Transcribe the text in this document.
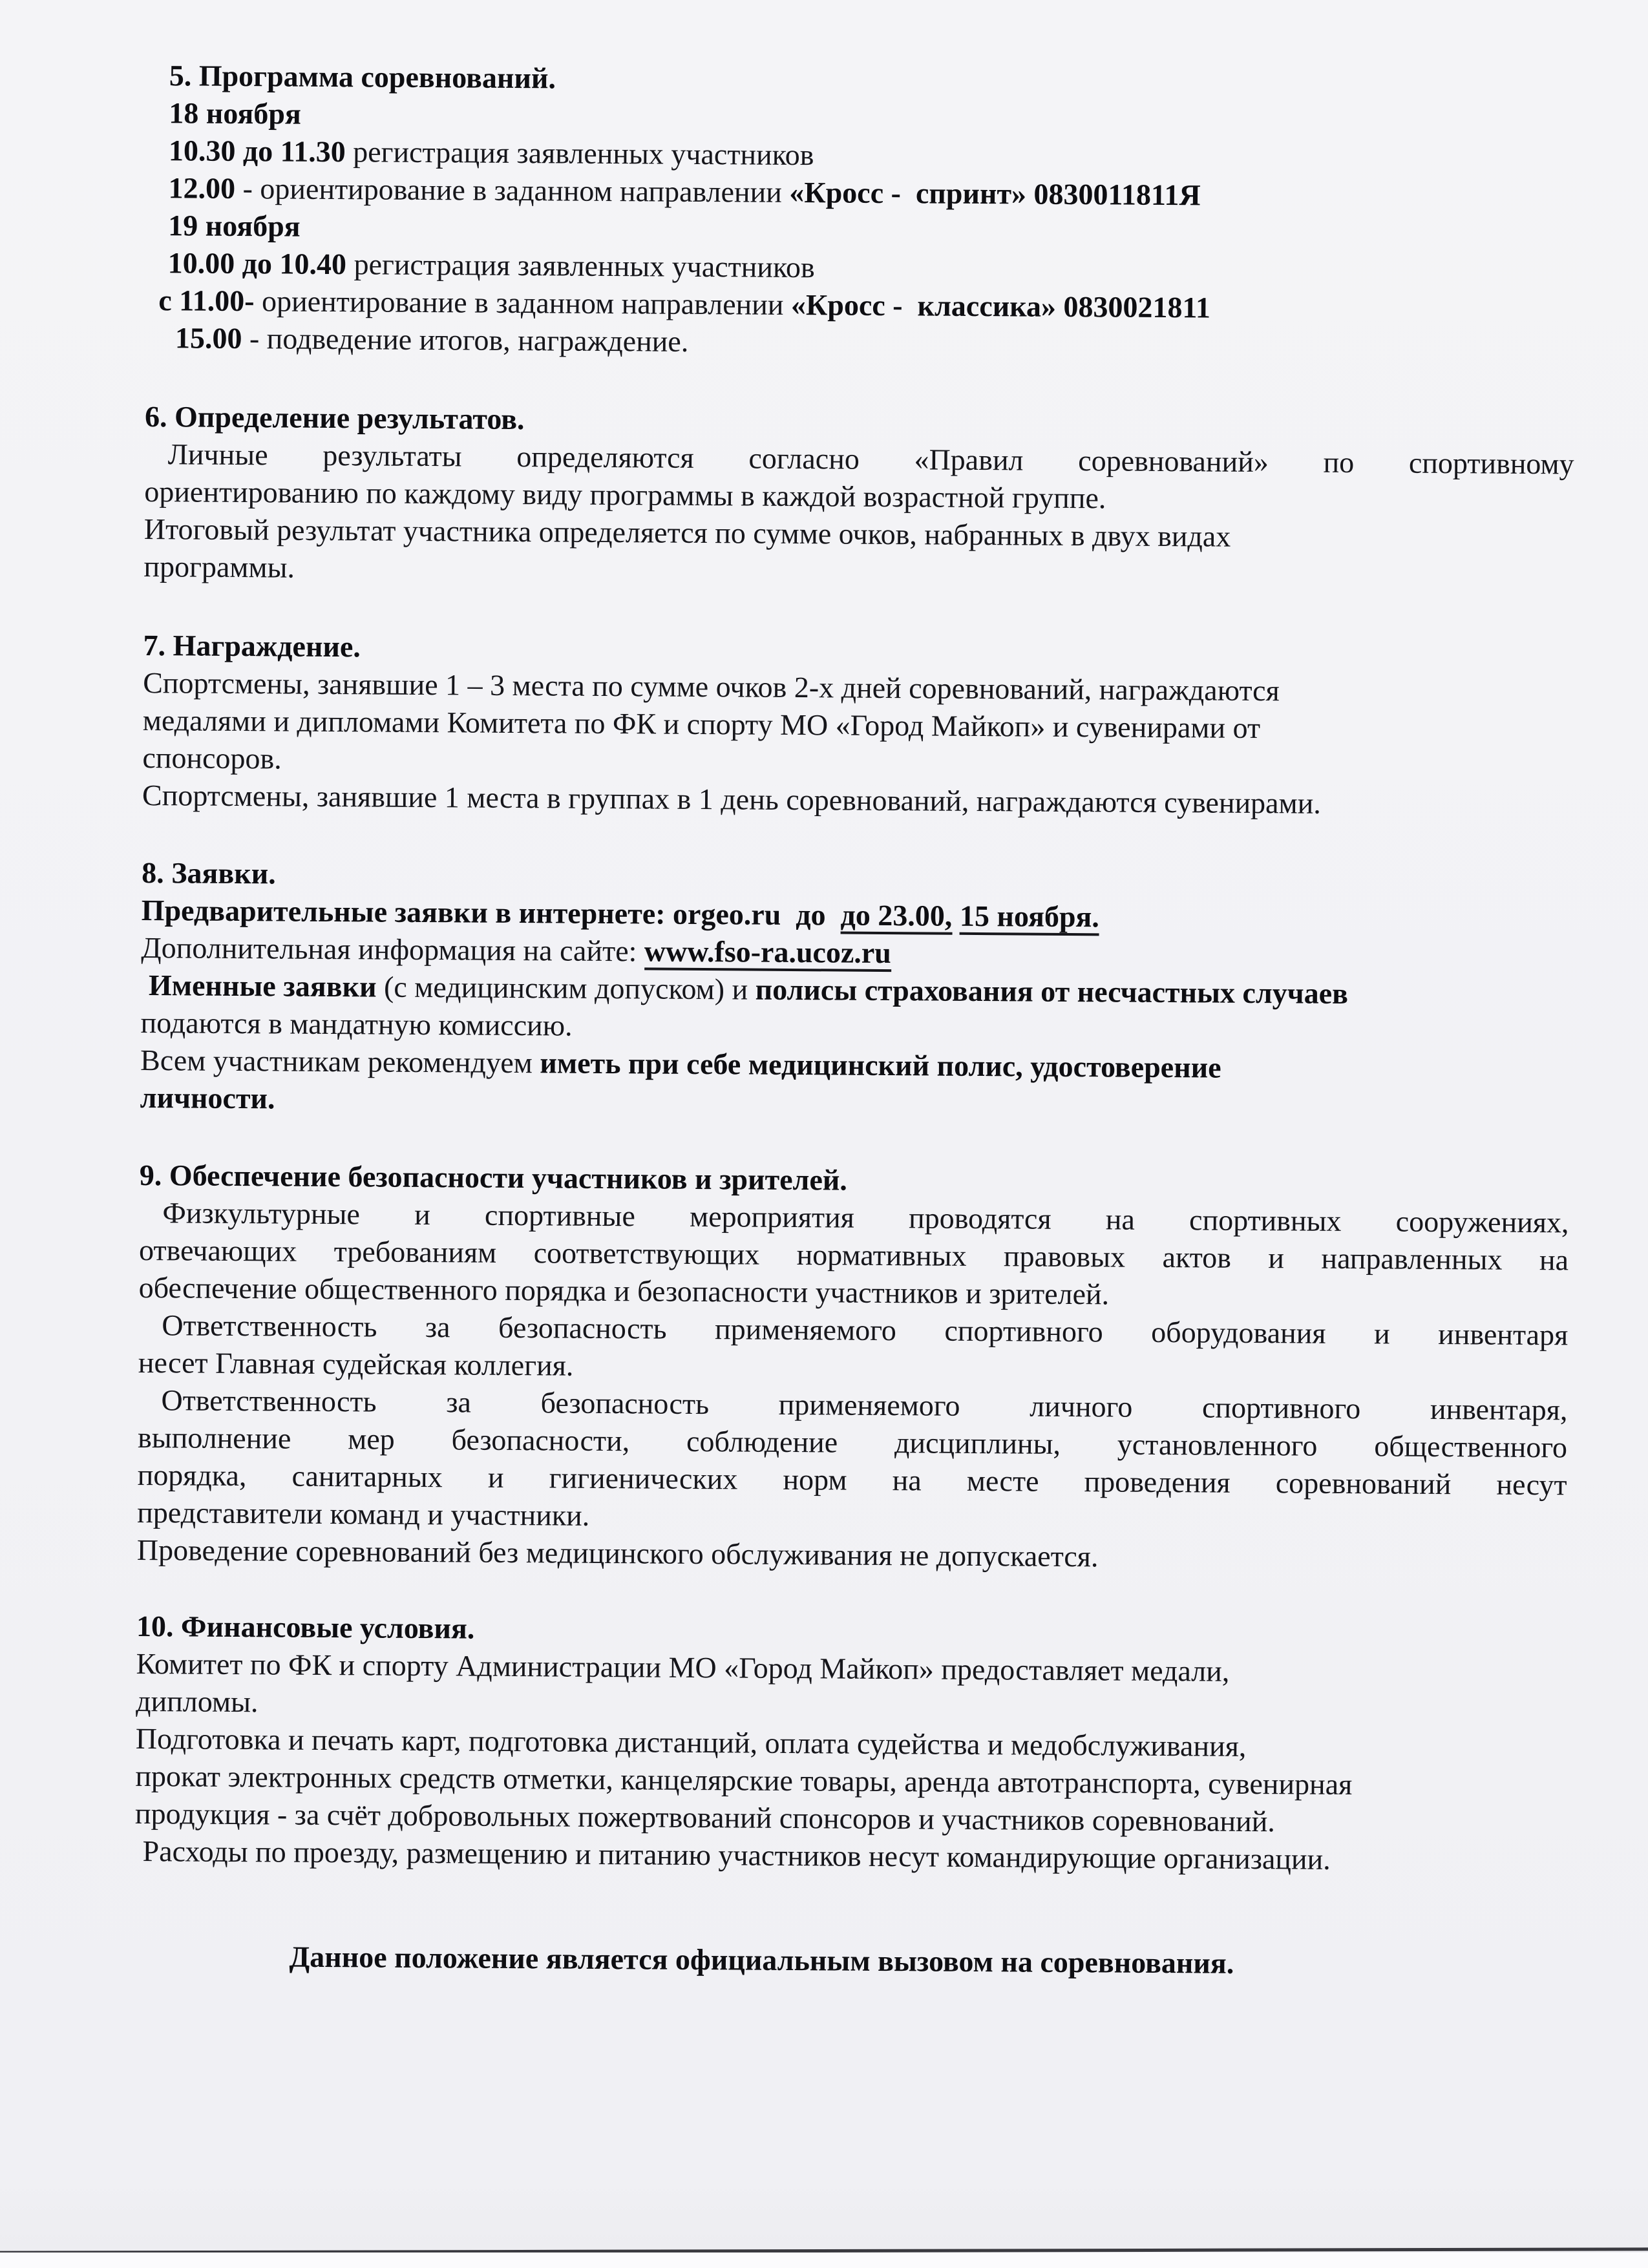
5. Программа соревнований.
18 ноября
10.30 до 11.30 регистрация заявленных участников
12.00 - ориентирование в заданном направлении «Кросс -  спринт» 0830011811Я
19 ноября
10.00 до 10.40 регистрация заявленных участников
с 11.00- ориентирование в заданном направлении «Кросс -  классика» 0830021811
15.00 - подведение итогов, награждение.
6. Определение результатов.
Личные результаты определяются согласно «Правил соревнований» по спортивному
ориентированию по каждому виду программы в каждой возрастной группе.
Итоговый результат участника определяется по сумме очков, набранных в двух видах
программы.
7. Награждение.
Спортсмены, занявшие 1 – 3 места по сумме очков 2-х дней соревнований, награждаются
медалями и дипломами Комитета по ФК и спорту МО «Город Майкоп» и сувенирами от
спонсоров.
Спортсмены, занявшие 1 места в группах в 1 день соревнований, награждаются сувенирами.
8. Заявки.
Предварительные заявки в интернете: orgeo.ru  до  до 23.00, 15 ноября.
Дополнительная информация на сайте: www.fso-ra.ucoz.ru
Именные заявки (с медицинским допуском) и полисы страхования от несчастных случаев
подаются в мандатную комиссию.
Всем участникам рекомендуем иметь при себе медицинский полис, удостоверение
личности.
9. Обеспечение безопасности участников и зрителей.
Физкультурные и спортивные мероприятия проводятся на спортивных сооружениях,
отвечающих требованиям соответствующих нормативных правовых актов и направленных на
обеспечение общественного порядка и безопасности участников и зрителей.
Ответственность за безопасность применяемого спортивного оборудования и инвентаря
несет Главная судейская коллегия.
Ответственность за безопасность применяемого личного спортивного инвентаря,
выполнение мер безопасности, соблюдение дисциплины, установленного общественного
порядка, санитарных и гигиенических норм на месте проведения соревнований несут
представители команд и участники.
Проведение соревнований без медицинского обслуживания не допускается.
10. Финансовые условия.
Комитет по ФК и спорту Администрации МО «Город Майкоп» предоставляет медали,
дипломы.
Подготовка и печать карт, подготовка дистанций, оплата судейства и медобслуживания,
прокат электронных средств отметки, канцелярские товары, аренда автотранспорта, сувенирная
продукция - за счёт добровольных пожертвований спонсоров и участников соревнований.
Расходы по проезду, размещению и питанию участников несут командирующие организации.
Данное положение является официальным вызовом на соревнования.
